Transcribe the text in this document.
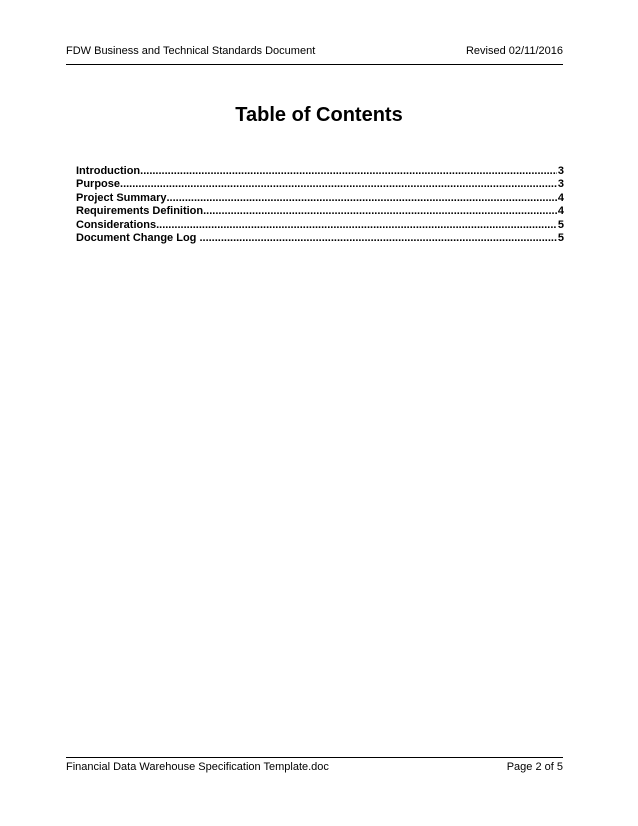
FDW Business and Technical Standards Document	Revised 02/11/2016
Table of Contents
Introduction .....	3
Purpose .....	3
Project Summary .....	4
Requirements Definition .....	4
Considerations .....	5
Document Change Log .....	5
Financial Data Warehouse Specification Template.doc	Page 2 of 5
